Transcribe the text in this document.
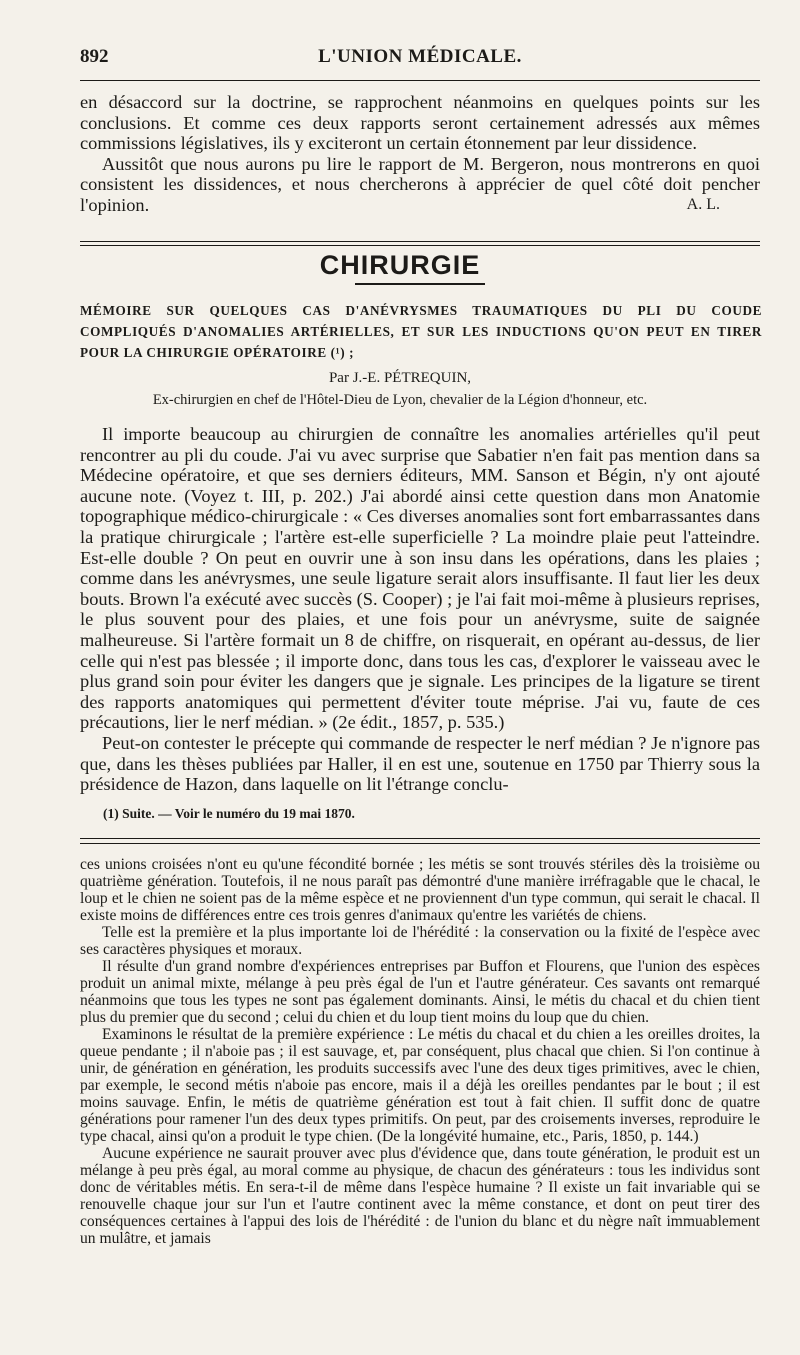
892	L'UNION MÉDICALE.

en désaccord sur la doctrine, se rapprochent néanmoins en quelques points sur les conclusions. Et comme ces deux rapports seront certainement adressés aux mêmes commissions législatives, ils y exciteront un certain étonnement par leur dissidence.

Aussitôt que nous aurons pu lire le rapport de M. Bergeron, nous montrerons en quoi consistent les dissidences, et nous chercherons à apprécier de quel côté doit pencher l'opinion.	A. L.
CHIRURGIE
MÉMOIRE SUR QUELQUES CAS D'ANÉVRYSMES TRAUMATIQUES DU PLI DU COUDE COMPLIQUÉS D'ANOMALIES ARTÉRIELLES, ET SUR LES INDUCTIONS QU'ON PEUT EN TIRER POUR LA CHIRURGIE OPÉRATOIRE (¹) ;
Par J.-E. PÉTREQUIN,
Ex-chirurgien en chef de l'Hôtel-Dieu de Lyon, chevalier de la Légion d'honneur, etc.

Il importe beaucoup au chirurgien de connaître les anomalies artérielles qu'il peut rencontrer au pli du coude. J'ai vu avec surprise que Sabatier n'en fait pas mention dans sa Médecine opératoire, et que ses derniers éditeurs, MM. Sanson et Bégin, n'y ont ajouté aucune note. (Voyez t. III, p. 202.) J'ai abordé ainsi cette question dans mon Anatomie topographique médico-chirurgicale : « Ces diverses anomalies sont fort embarrassantes dans la pratique chirurgicale ; l'artère est-elle superficielle ? La moindre plaie peut l'atteindre. Est-elle double ? On peut en ouvrir une à son insu dans les opérations, dans les plaies ; comme dans les anévrysmes, une seule ligature serait alors insuffisante. Il faut lier les deux bouts. Brown l'a exécuté avec succès (S. Cooper) ; je l'ai fait moi-même à plusieurs reprises, le plus souvent pour des plaies, et une fois pour un anévrysme, suite de saignée malheureuse. Si l'artère formait un 8 de chiffre, on risquerait, en opérant au-dessus, de lier celle qui n'est pas blessée ; il importe donc, dans tous les cas, d'explorer le vaisseau avec le plus grand soin pour éviter les dangers que je signale. Les principes de la ligature se tirent des rapports anatomiques qui permettent d'éviter toute méprise. J'ai vu, faute de ces précautions, lier le nerf médian. » (2e édit., 1857, p. 535.)

Peut-on contester le précepte qui commande de respecter le nerf médian ? Je n'ignore pas que, dans les thèses publiées par Haller, il en est une, soutenue en 1750 par Thierry sous la présidence de Hazon, dans laquelle on lit l'étrange conclu-

(1) Suite. — Voir le numéro du 19 mai 1870.

ces unions croisées n'ont eu qu'une fécondité bornée ; les métis se sont trouvés stériles dès la troisième ou quatrième génération. Toutefois, il ne nous paraît pas démontré d'une manière irréfragable que le chacal, le loup et le chien ne soient pas de la même espèce et ne proviennent d'un type commun, qui serait le chacal. Il existe moins de différences entre ces trois genres d'animaux qu'entre les variétés de chiens.

Telle est la première et la plus importante loi de l'hérédité : la conservation ou la fixité de l'espèce avec ses caractères physiques et moraux.

Il résulte d'un grand nombre d'expériences entreprises par Buffon et Flourens, que l'union des espèces produit un animal mixte, mélange à peu près égal de l'un et l'autre générateur. Ces savants ont remarqué néanmoins que tous les types ne sont pas également dominants. Ainsi, le métis du chacal et du chien tient plus du premier que du second ; celui du chien et du loup tient moins du loup que du chien.

Examinons le résultat de la première expérience : Le métis du chacal et du chien a les oreilles droites, la queue pendante ; il n'aboie pas ; il est sauvage, et, par conséquent, plus chacal que chien. Si l'on continue à unir, de génération en génération, les produits successifs avec l'une des deux tiges primitives, avec le chien, par exemple, le second métis n'aboie pas encore, mais il a déjà les oreilles pendantes par le bout ; il est moins sauvage. Enfin, le métis de quatrième génération est tout à fait chien. Il suffit donc de quatre générations pour ramener l'un des deux types primitifs. On peut, par des croisements inverses, reproduire le type chacal, ainsi qu'on a produit le type chien. (De la longévité humaine, etc., Paris, 1850, p. 144.)

Aucune expérience ne saurait prouver avec plus d'évidence que, dans toute génération, le produit est un mélange à peu près égal, au moral comme au physique, de chacun des générateurs : tous les individus sont donc de véritables métis. En sera-t-il de même dans l'espèce humaine ? Il existe un fait invariable qui se renouvelle chaque jour sur l'un et l'autre continent avec la même constance, et dont on peut tirer des conséquences certaines à l'appui des lois de l'hérédité : de l'union du blanc et du nègre naît immuablement un mulâtre, et jamais
